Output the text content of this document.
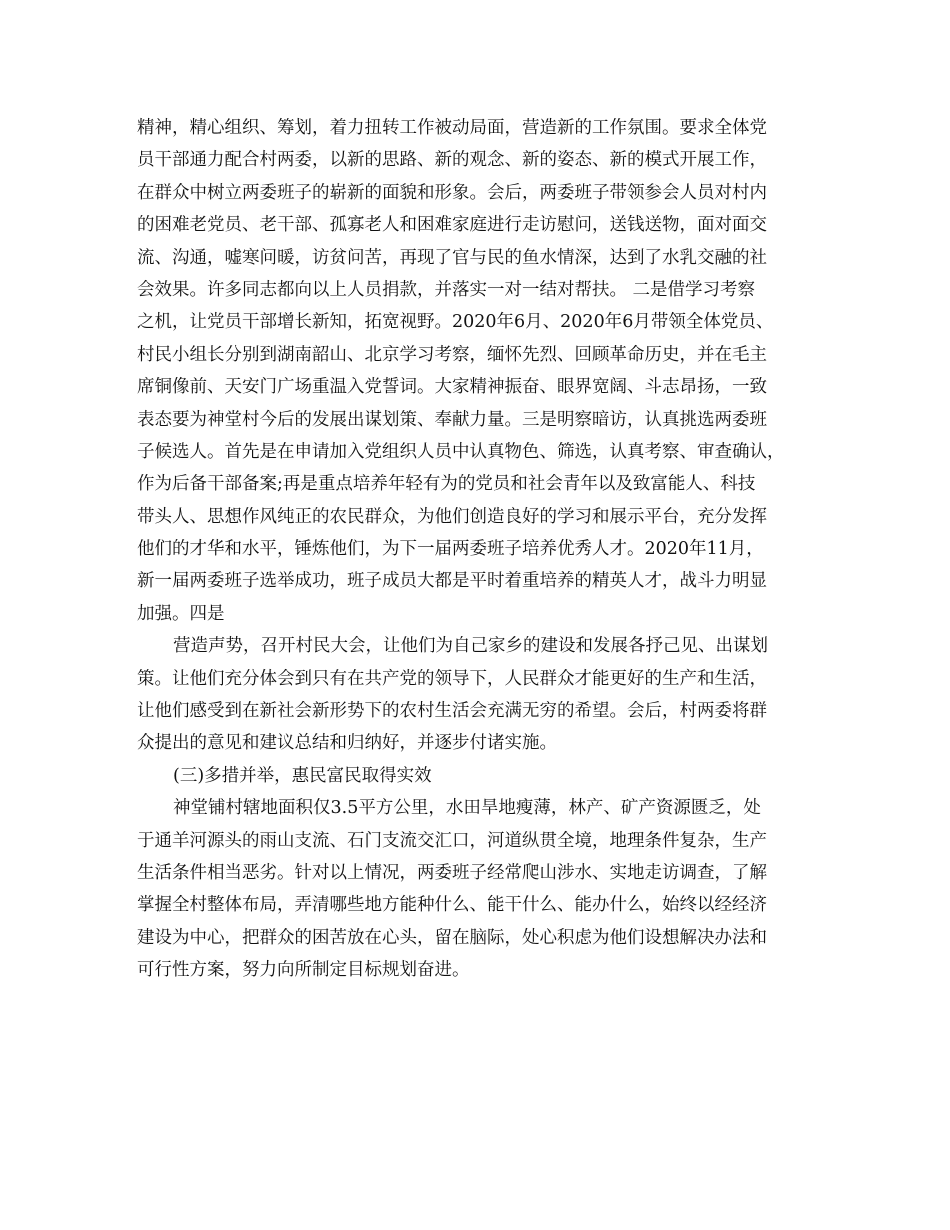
精神，精心组织、筹划，着力扭转工作被动局面，营造新的工作氛围。要求全体党

员干部通力配合村两委，以新的思路、新的观念、新的姿态、新的模式开展工作，

在群众中树立两委班子的崭新的面貌和形象。会后，两委班子带领参会人员对村内

的困难老党员、老干部、孤寡老人和困难家庭进行走访慰问，送钱送物，面对面交

流、沟通，嘘寒问暖，访贫问苦，再现了官与民的鱼水情深，达到了水乳交融的社

会效果。许多同志都向以上人员捐款，并落实一对一结对帮扶。 二是借学习考察

之机，让党员干部增长新知，拓宽视野。2020年6月、2020年6月带领全体党员、

村民小组长分别到湖南韶山、北京学习考察，缅怀先烈、回顾革命历史，并在毛主

席铜像前、天安门广场重温入党誓词。大家精神振奋、眼界宽阔、斗志昂扬，一致

表态要为神堂村今后的发展出谋划策、奉献力量。三是明察暗访，认真挑选两委班

子候选人。首先是在申请加入党组织人员中认真物色、筛选，认真考察、审查确认，

作为后备干部备案;再是重点培养年轻有为的党员和社会青年以及致富能人、科技

带头人、思想作风纯正的农民群众，为他们创造良好的学习和展示平台，充分发挥

他们的才华和水平，锤炼他们，为下一届两委班子培养优秀人才。2020年11月，

新一届两委班子选举成功，班子成员大都是平时着重培养的精英人才，战斗力明显

加强。四是

营造声势，召开村民大会，让他们为自己家乡的建设和发展各抒己见、出谋划

策。让他们充分体会到只有在共产党的领导下，人民群众才能更好的生产和生活，

让他们感受到在新社会新形势下的农村生活会充满无穷的希望。会后，村两委将群

众提出的意见和建议总结和归纳好，并逐步付诸实施。

(三)多措并举，惠民富民取得实效

神堂铺村辖地面积仅3.5平方公里，水田旱地瘦薄，林产、矿产资源匮乏，处

于通羊河源头的雨山支流、石门支流交汇口，河道纵贯全境，地理条件复杂，生产

生活条件相当恶劣。针对以上情况，两委班子经常爬山涉水、实地走访调查，了解

掌握全村整体布局，弄清哪些地方能种什么、能干什么、能办什么，始终以经经济

建设为中心，把群众的困苦放在心头，留在脑际，处心积虑为他们设想解决办法和

可行性方案，努力向所制定目标规划奋进。
